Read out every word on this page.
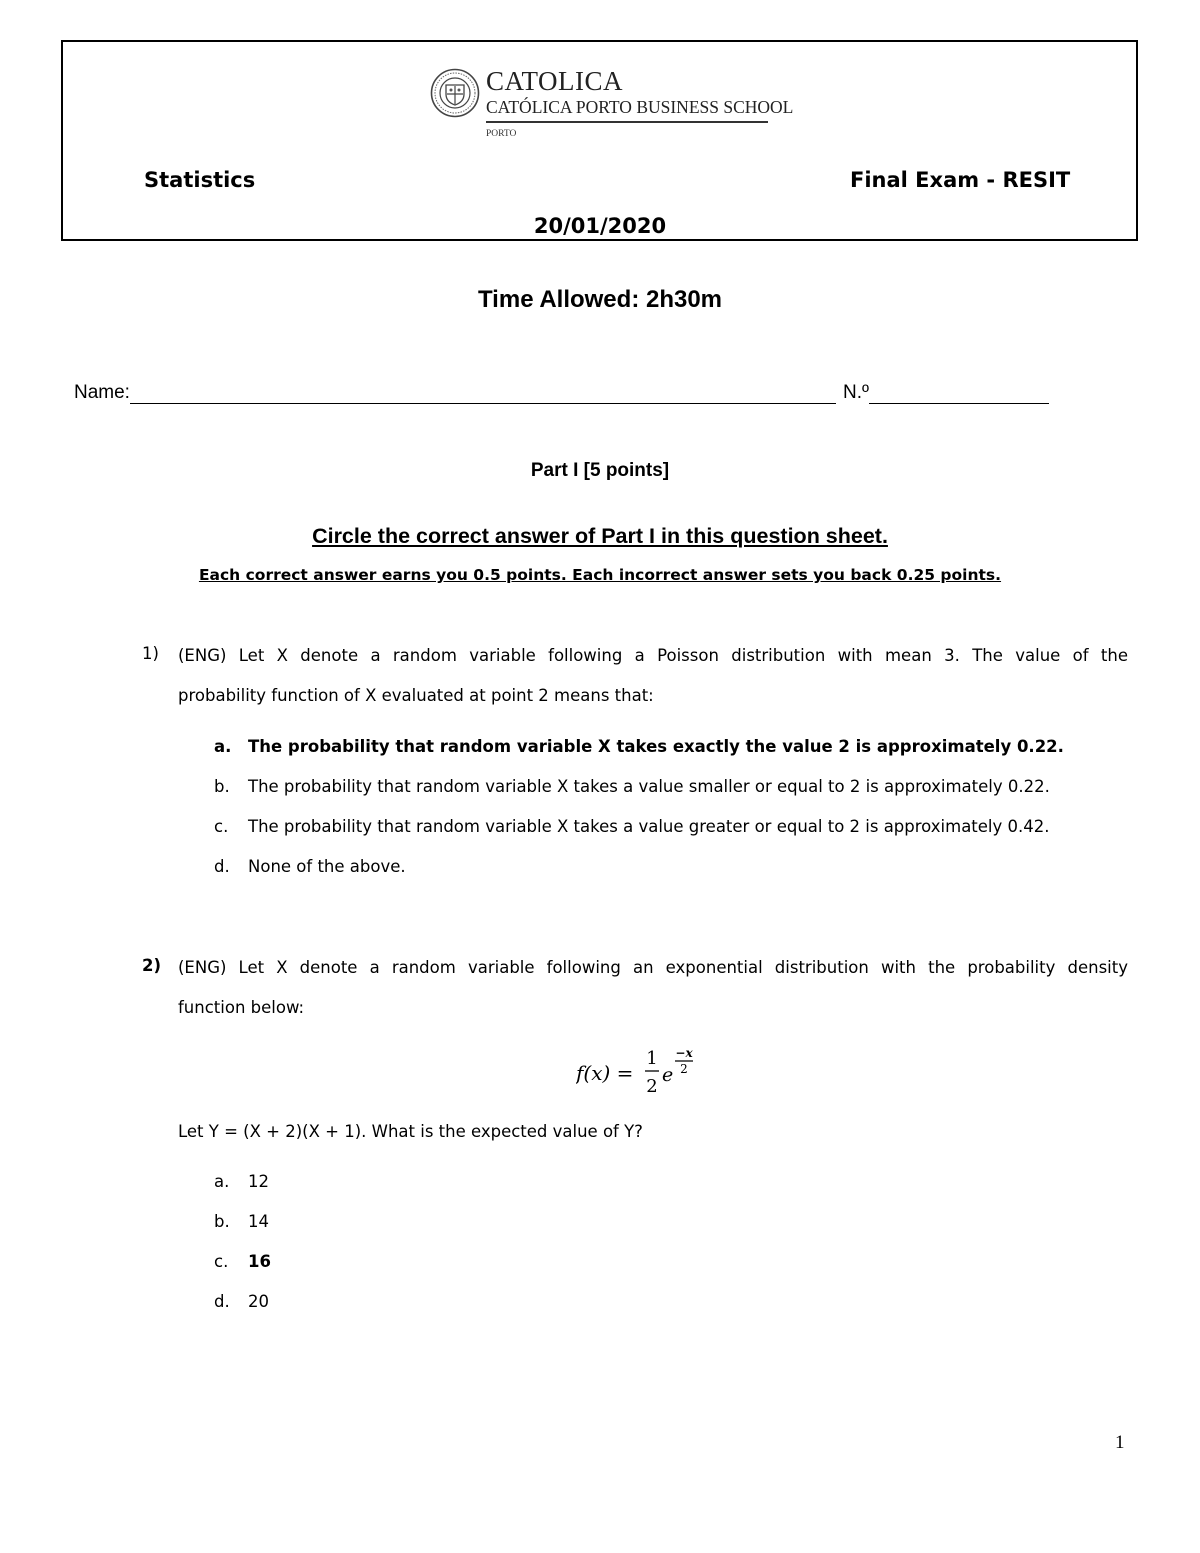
CATOLICA
CATÓLICA PORTO BUSINESS SCHOOL
PORTO
Statistics	Final Exam - RESIT
20/01/2020
Time Allowed: 2h30m
Name:	N.º
Part I [5 points]
Circle the correct answer of Part I in this question sheet.
Each correct answer earns you 0.5 points. Each incorrect answer sets you back 0.25 points.
1) (ENG) Let X denote a random variable following a Poisson distribution with mean 3. The value of the
probability function of X evaluated at point 2 means that:
a. The probability that random variable X takes exactly the value 2 is approximately 0.22.
b. The probability that random variable X takes a value smaller or equal to 2 is approximately 0.22.
c. The probability that random variable X takes a value greater or equal to 2 is approximately 0.42.
d. None of the above.
2) (ENG) Let X denote a random variable following an exponential distribution with the probability density
function below:
f(x) =
1
2
e
−x
2
Let Y = (X + 2)(X + 1). What is the expected value of Y?
a. 12
b. 14
c. 16
d. 20
1
